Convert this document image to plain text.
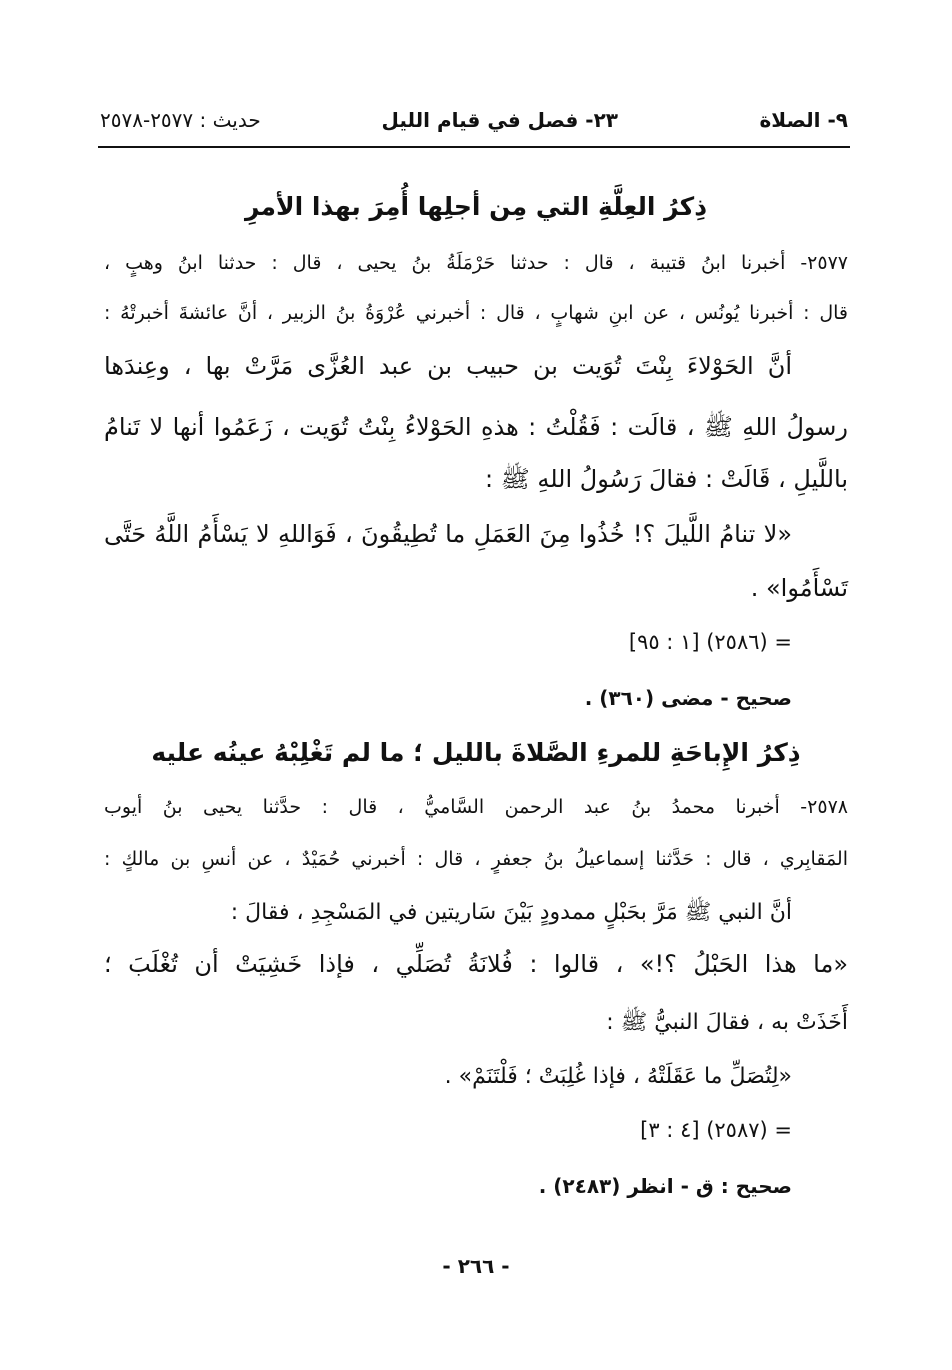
٩- الصلاة
٢٣- فصل في قيام الليل
حديث : ٢٥٧٧-٢٥٧٨
ذِكرُ العِلَّةِ التي مِن أجلِها أُمِرَ بهذا الأمرِ
٢٥٧٧- أخبرنا ابنُ قتيبة ، قال : حدثنا حَرْمَلَةُ بنُ يحيى ، قال : حدثنا ابنُ وهبٍ ،
قال : أخبرنا يُونُس ، عن ابنِ شهابٍ ، قال : أخبرني عُرْوَةُ بنُ الزبير ، أنَّ عائشةَ أخبرتْهُ :
أنَّ الحَوْلاءَ بِنْتَ تُوَيت بن حبيب بن عبد العُزَّى مَرَّتْ بها ، وعِندَها
رسولُ اللهِ ﷺ ، قالَت : فَقُلْتُ : هذهِ الحَوْلاءُ بِنْتُ تُوَيت ، زَعَمُوا أنها لا تَنامُ
باللَّيلِ ، قَالَتْ : فقالَ رَسُولُ اللهِ ﷺ :
«لا تنامُ اللَّيلَ ؟! خُذُوا مِنَ العَمَلِ ما تُطِيقُونَ ، فَوَاللهِ لا يَسْأَمُ اللَّهُ حَتَّى
تَسْأَمُوا» .
= (٢٥٨٦) [١ : ٩٥]
صحيح - مضى (٣٦٠) .
ذِكرُ الإِباحَةِ للمرءِ الصَّلاةَ بالليل ؛ ما لم تَغْلِبْهُ عينُه عليه
٢٥٧٨- أخبرنا محمدُ بنُ عبد الرحمن السَّاميُّ ، قال : حدَّثنا يحيى بنُ أيوب
المَقابِري ، قال : حَدَّثنا إسماعيلُ بنُ جعفرٍ ، قال : أخبرني حُمَيْدٌ ، عن أنسِ بن مالكٍ :
أنَّ النبي ﷺ مَرَّ بحَبْلٍ ممدودٍ بَيْنَ سَاريتين في المَسْجِدِ ، فقالَ :
«ما هذا الحَبْلُ ؟!» ، قالوا : فُلانَةُ تُصَلِّي ، فإذا خَشِيَتْ أن تُغْلَبَ ؛
أَخَذَتْ به ، فقالَ النبيُّ ﷺ :
«لِتُصَلِّ ما عَقَلَتْهُ ، فإذا غُلِبَتْ ؛ فَلْتَنَمْ» .
= (٢٥٨٧) [٤ : ٣]
صحيح : ق - انظر (٢٤٨٣) .
- ٢٦٦ -
